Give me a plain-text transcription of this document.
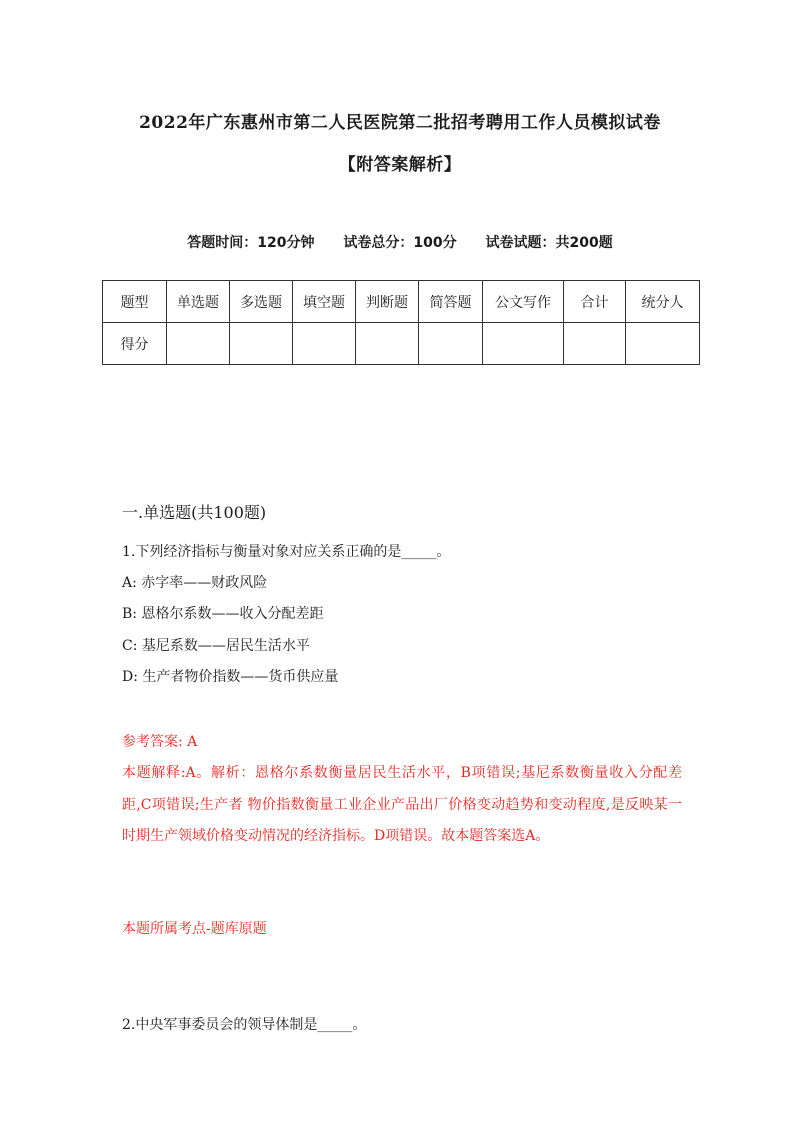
2022年广东惠州市第二人民医院第二批招考聘用工作人员模拟试卷
【附答案解析】
答题时间：120分钟 试卷总分：100分 试卷试题：共200题
题型	单选题	多选题	填空题	判断题	简答题	公文写作	合计	统分人
得分								
一.单选题(共100题)
1.下列经济指标与衡量对象对应关系正确的是_____。
A: 赤字率——财政风险
B: 恩格尔系数——收入分配差距
C: 基尼系数——居民生活水平
D: 生产者物价指数——货币供应量
参考答案: A
本题解释:A。解析：恩格尔系数衡量居民生活水平，B项错误;基尼系数衡量收入分配差距,C项错误;生产者 物价指数衡量工业企业产品出厂价格变动趋势和变动程度,是反映某一时期生产领域价格变动情况的经济指标。D项错误。故本题答案选A。
本题所属考点-题库原题
2.中央军事委员会的领导体制是_____。
